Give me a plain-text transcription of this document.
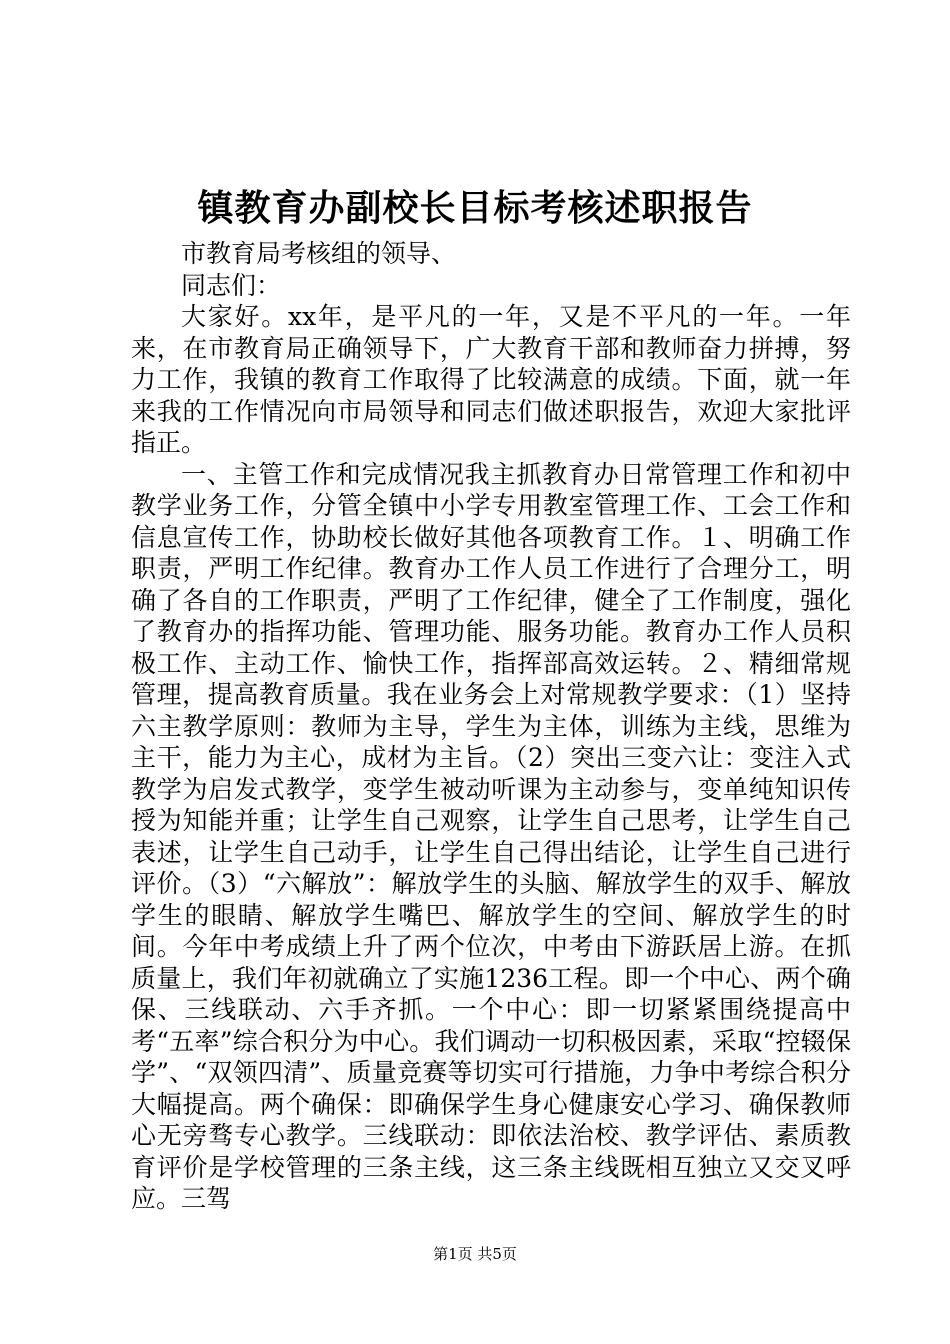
镇教育办副校长目标考核述职报告

市教育局考核组的领导、

同志们：

大家好。xx年，是平凡的一年，又是不平凡的一年。一年来，在市教育局正确领导下，广大教育干部和教师奋力拼搏，努力工作，我镇的教育工作取得了比较满意的成绩。下面，就一年来我的工作情况向市局领导和同志们做述职报告，欢迎大家批评指正。

一、主管工作和完成情况我主抓教育办日常管理工作和初中教学业务工作，分管全镇中小学专用教室管理工作、工会工作和信息宣传工作，协助校长做好其他各项教育工作。１、明确工作职责，严明工作纪律。教育办工作人员工作进行了合理分工，明确了各自的工作职责，严明了工作纪律，健全了工作制度，强化了教育办的指挥功能、管理功能、服务功能。教育办工作人员积极工作、主动工作、愉快工作，指挥部高效运转。２、精细常规管理，提高教育质量。我在业务会上对常规教学要求：（1）坚持六主教学原则：教师为主导，学生为主体，训练为主线，思维为主干，能力为主心，成材为主旨。（2）突出三变六让：变注入式教学为启发式教学，变学生被动听课为主动参与，变单纯知识传授为知能并重；让学生自己观察，让学生自己思考，让学生自己表述，让学生自己动手，让学生自己得出结论，让学生自己进行评价。（3）“六解放”：解放学生的头脑、解放学生的双手、解放学生的眼睛、解放学生嘴巴、解放学生的空间、解放学生的时间。今年中考成绩上升了两个位次，中考由下游跃居上游。在抓质量上，我们年初就确立了实施1236工程。即一个中心、两个确保、三线联动、六手齐抓。一个中心：即一切紧紧围绕提高中考“五率”综合积分为中心。我们调动一切积极因素，采取“控辍保学”、“双领四清”、质量竞赛等切实可行措施，力争中考综合积分大幅提高。两个确保：即确保学生身心健康安心学习、确保教师心无旁骛专心教学。三线联动：即依法治校、教学评估、素质教育评价是学校管理的三条主线，这三条主线既相互独立又交叉呼应。三驾

第1页 共5页
